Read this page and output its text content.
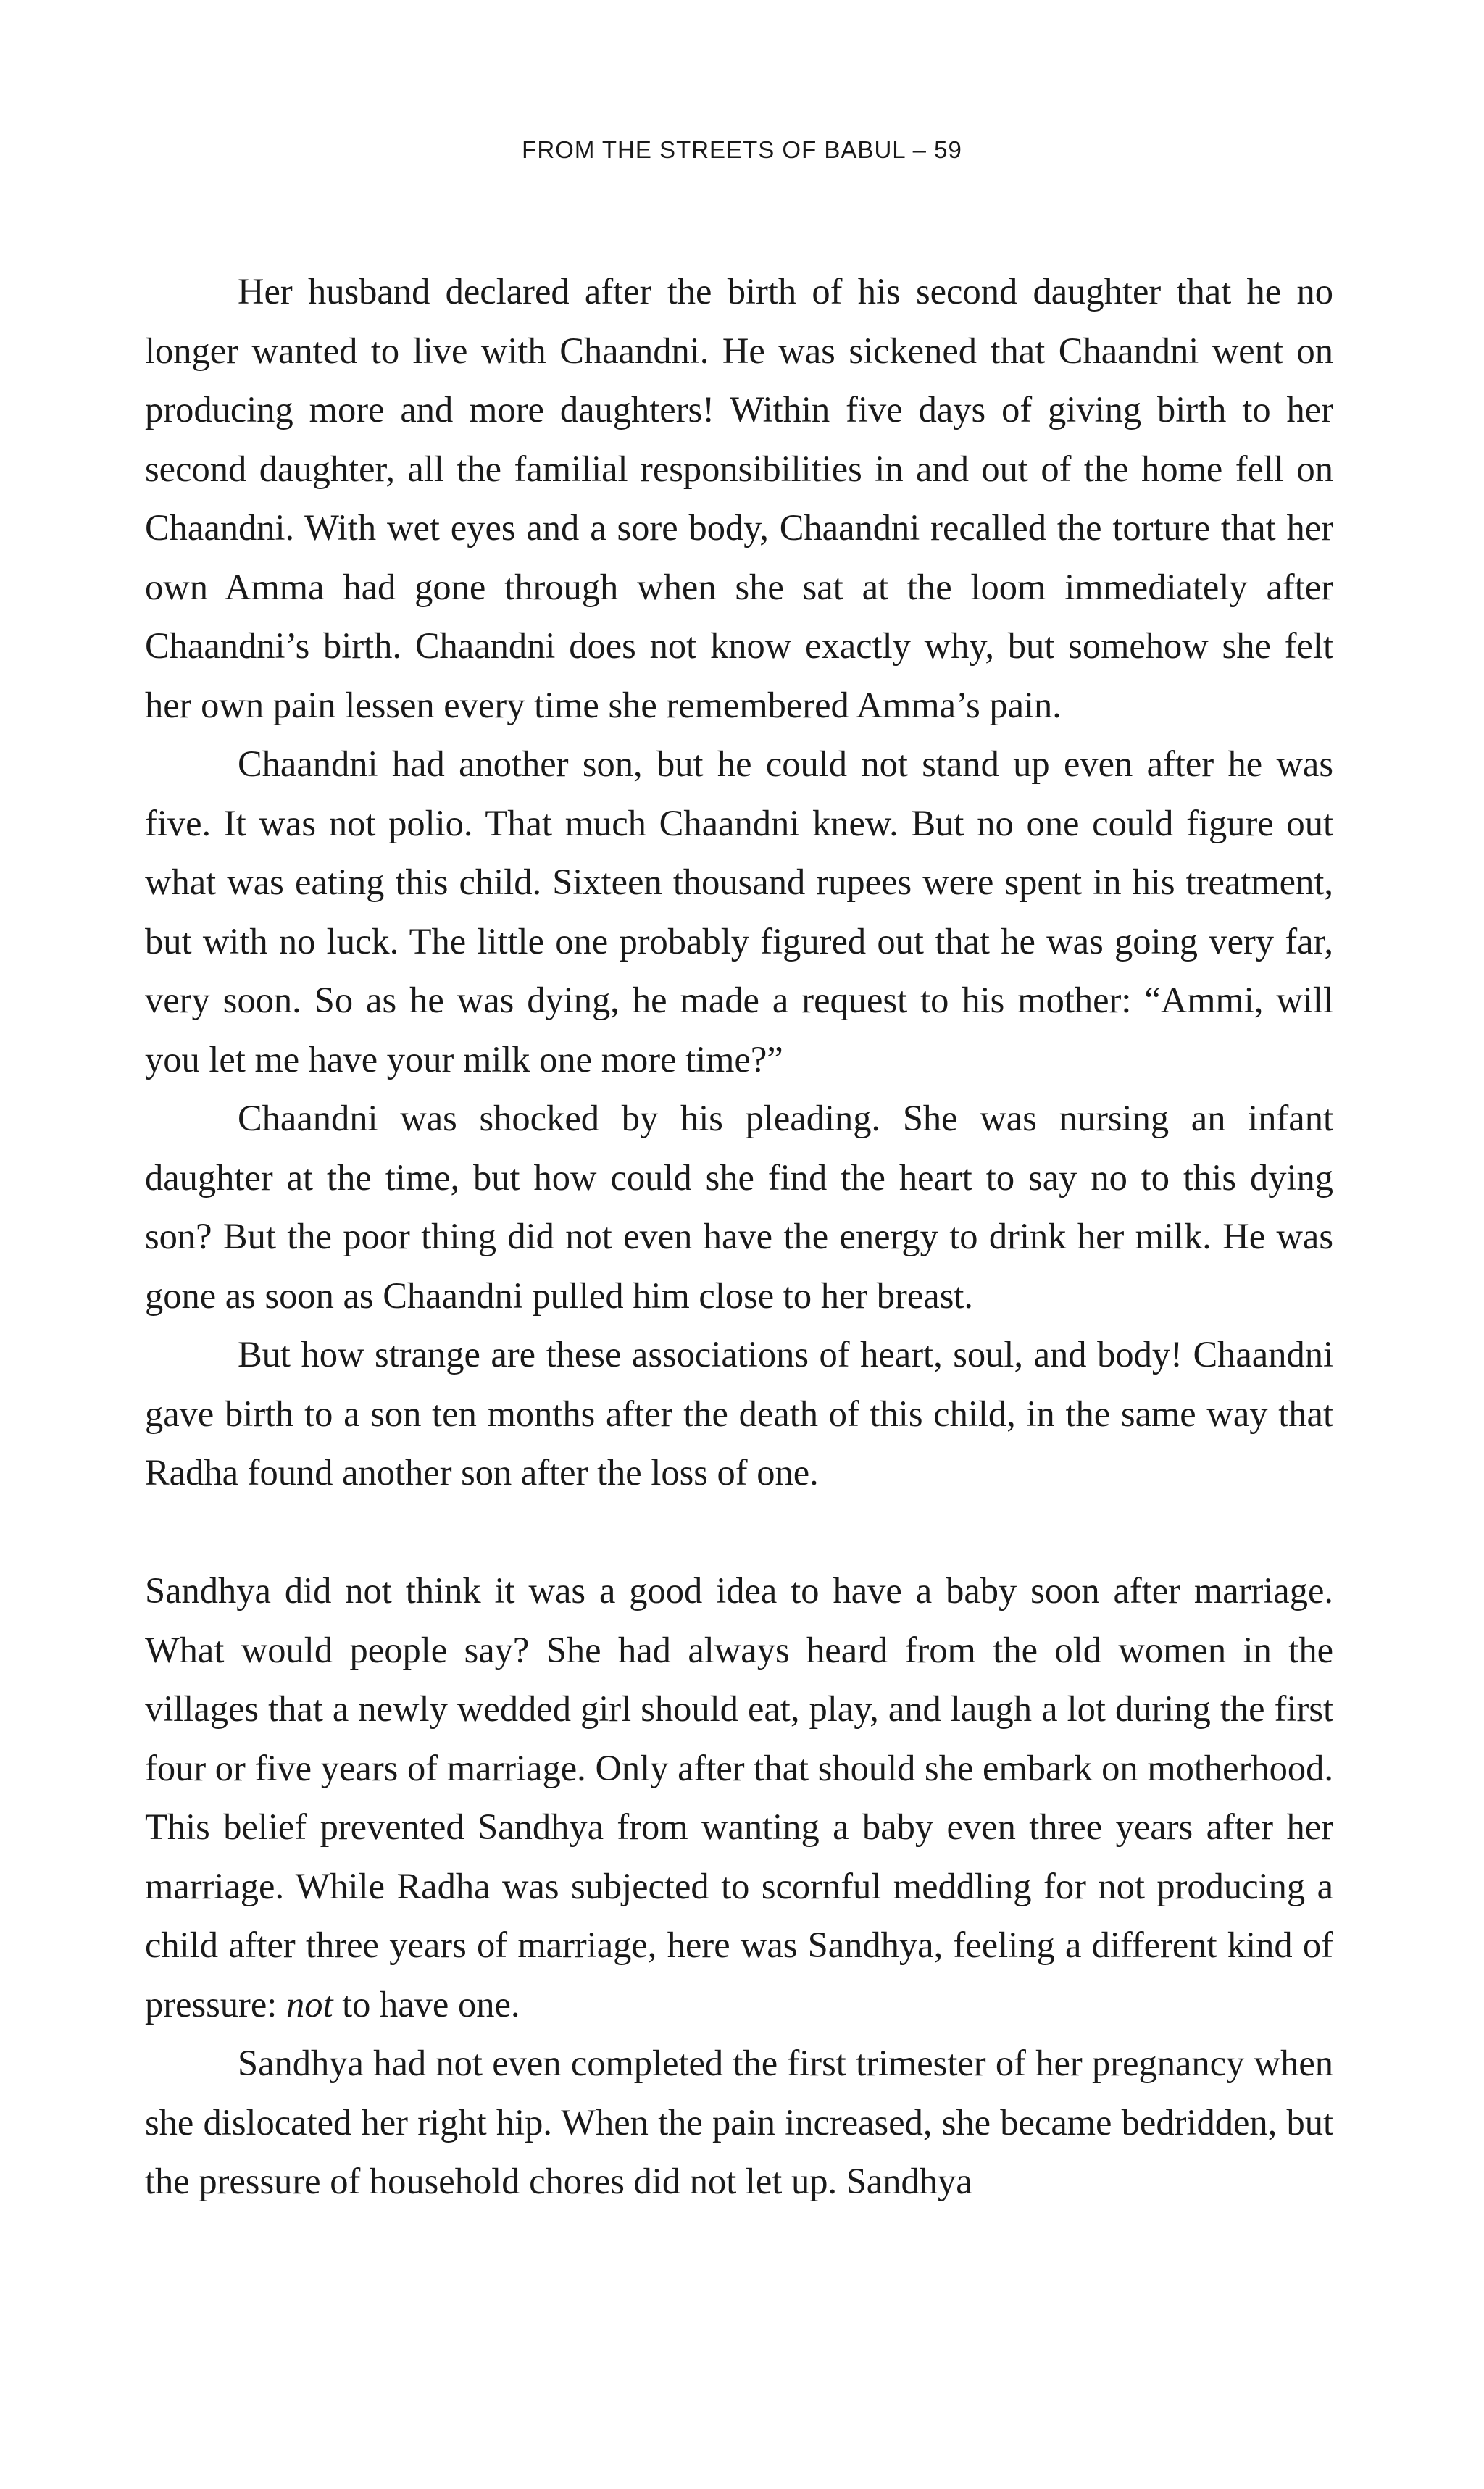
FROM THE STREETS OF BABUL – 59

Her husband declared after the birth of his second daughter that he no longer wanted to live with Chaandni. He was sickened that Chaandni went on producing more and more daughters! Within five days of giving birth to her second daughter, all the familial responsibilities in and out of the home fell on Chaandni. With wet eyes and a sore body, Chaandni recalled the torture that her own Amma had gone through when she sat at the loom immediately after Chaandni’s birth. Chaandni does not know exactly why, but somehow she felt her own pain lessen every time she remembered Amma’s pain.

Chaandni had another son, but he could not stand up even after he was five. It was not polio. That much Chaandni knew. But no one could figure out what was eating this child. Sixteen thousand rupees were spent in his treatment, but with no luck. The little one probably figured out that he was going very far, very soon. So as he was dying, he made a request to his mother: “Ammi, will you let me have your milk one more time?”

Chaandni was shocked by his pleading. She was nursing an infant daughter at the time, but how could she find the heart to say no to this dying son? But the poor thing did not even have the energy to drink her milk. He was gone as soon as Chaandni pulled him close to her breast.

But how strange are these associations of heart, soul, and body! Chaandni gave birth to a son ten months after the death of this child, in the same way that Radha found another son after the loss of one.

Sandhya did not think it was a good idea to have a baby soon after marriage. What would people say? She had always heard from the old women in the villages that a newly wedded girl should eat, play, and laugh a lot during the first four or five years of marriage. Only after that should she embark on motherhood. This belief prevented Sandhya from wanting a baby even three years after her marriage. While Radha was subjected to scornful meddling for not producing a child after three years of marriage, here was Sandhya, feeling a different kind of pressure: not to have one.

Sandhya had not even completed the first trimester of her pregnancy when she dislocated her right hip. When the pain increased, she became bedridden, but the pressure of household chores did not let up. Sandhya
